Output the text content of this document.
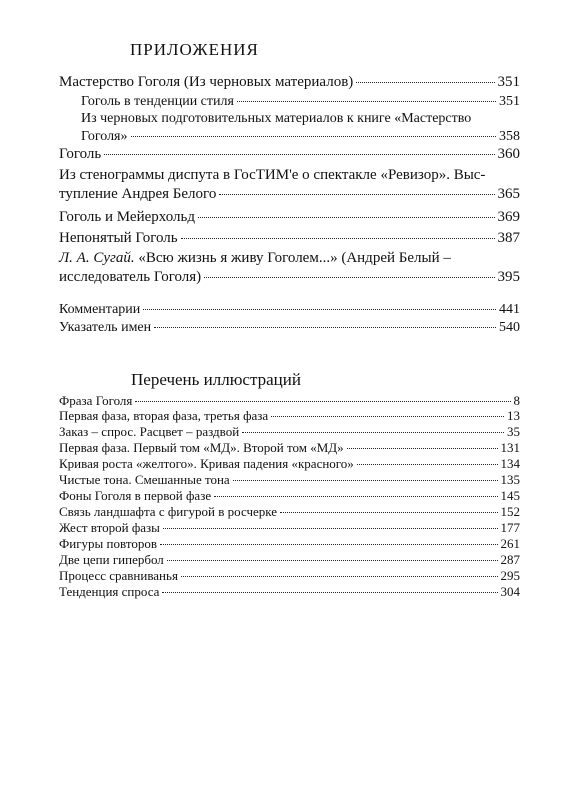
ПРИЛОЖЕНИЯ
Мастерство Гоголя (Из черновых материалов)	351
Гоголь в тенденции стиля	351
Из черновых подготовительных материалов к книге «Мастерство
Гоголя»	358
Гоголь	360
Из стенограммы диспута в ГосТИМ'е о спектакле «Ревизор». Выс-
тупление Андрея Белого	365
Гоголь и Мейерхольд	369
Непонятый Гоголь	387
Л. А. Сугай. «Всю жизнь я живу Гоголем...» (Андрей Белый –
исследователь Гоголя)	395
Комментарии	441
Указатель имен	540
Перечень иллюстраций
Фраза Гоголя	8
Первая фаза, вторая фаза, третья фаза	13
Заказ – спрос. Расцвет – раздвой	35
Первая фаза. Первый том «МД». Второй том «МД»	131
Кривая роста «желтого». Кривая падения «красного»	134
Чистые тона. Смешанные тона	135
Фоны Гоголя в первой фазе	145
Связь ландшафта с фигурой в росчерке	152
Жест второй фазы	177
Фигуры повторов	261
Две цепи гипербол	287
Процесс сравниванья	295
Тенденция спроса	304
